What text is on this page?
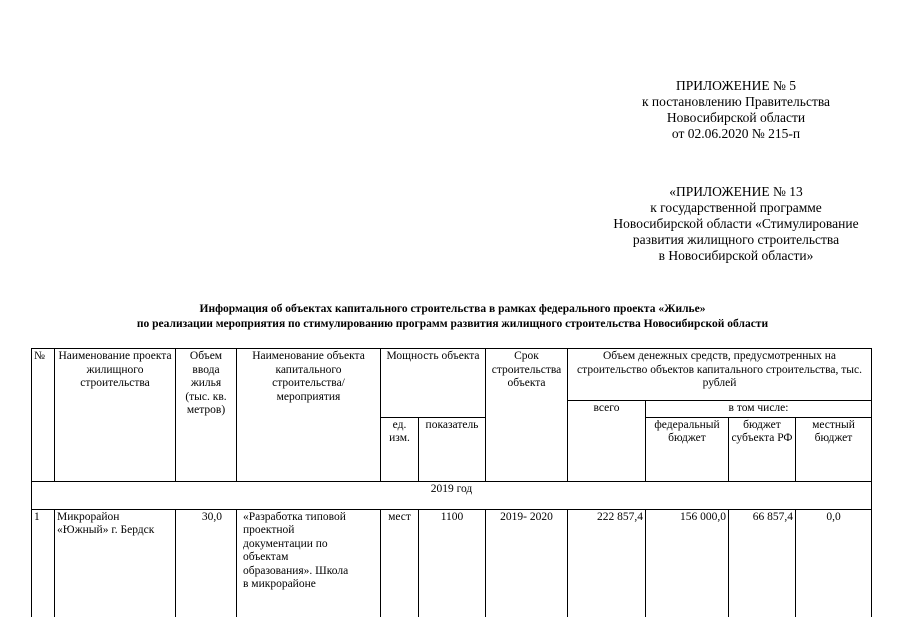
ПРИЛОЖЕНИЕ № 5
к постановлению Правительства
Новосибирской области
от 02.06.2020 № 215-п
«ПРИЛОЖЕНИЕ № 13
к государственной программе
Новосибирской области «Стимулирование
развития жилищного строительства
в Новосибирской области»
Информация об объектах капитального строительства в рамках федерального проекта «Жилье»
по реализации мероприятия по стимулированию программ развития жилищного строительства Новосибирской области
№	Наименование проекта жилищного строительства	Объем ввода жилья (тыс. кв. метров)	Наименование объекта капитального строительства/ мероприятия	Мощность объекта		Срок строительства объекта	Объем денежных средств, предусмотренных на строительство объектов капитального строительства, тыс. рублей			
							всего	в том числе:		
				ед. изм.	показатель			федеральный бюджет	бюджет субъекта РФ	местный бюджет
2019 год										
1	Микрорайон «Южный» г. Бердск	30,0	«Разработка типовой проектной документации по объектам образования». Школа в микрорайоне	мест	1100	2019- 2020	222 857,4	156 000,0	66 857,4	0,0
